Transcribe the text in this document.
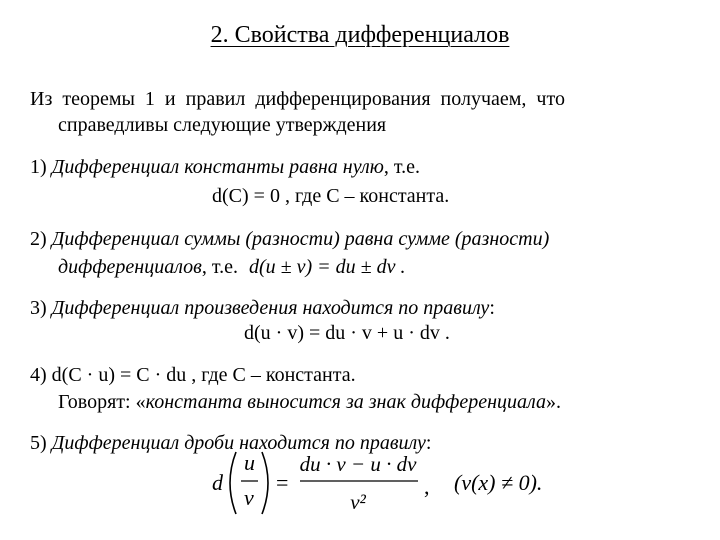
2. Свойства дифференциалов
Из теоремы 1 и правил дифференцирования получаем, что
справедливы следующие утверждения
1) Дифференциал константы равна нулю, т.е.
d(C) = 0 , где C – константа.
2) Дифференциал суммы (разности) равна сумме (разности)
дифференциалов, т.е. d(u ± v) = du ± dv .
3) Дифференциал произведения находится по правилу:
d(u · v) = du · v + u · dv .
4) d(C · u) = C · du , где C – константа.
Говорят: «константа выносится за знак дифференциала».
5) Дифференциал дроби находится по правилу:
d
u
v
=
du · v − u · dv
v²
, (v(x) ≠ 0).
